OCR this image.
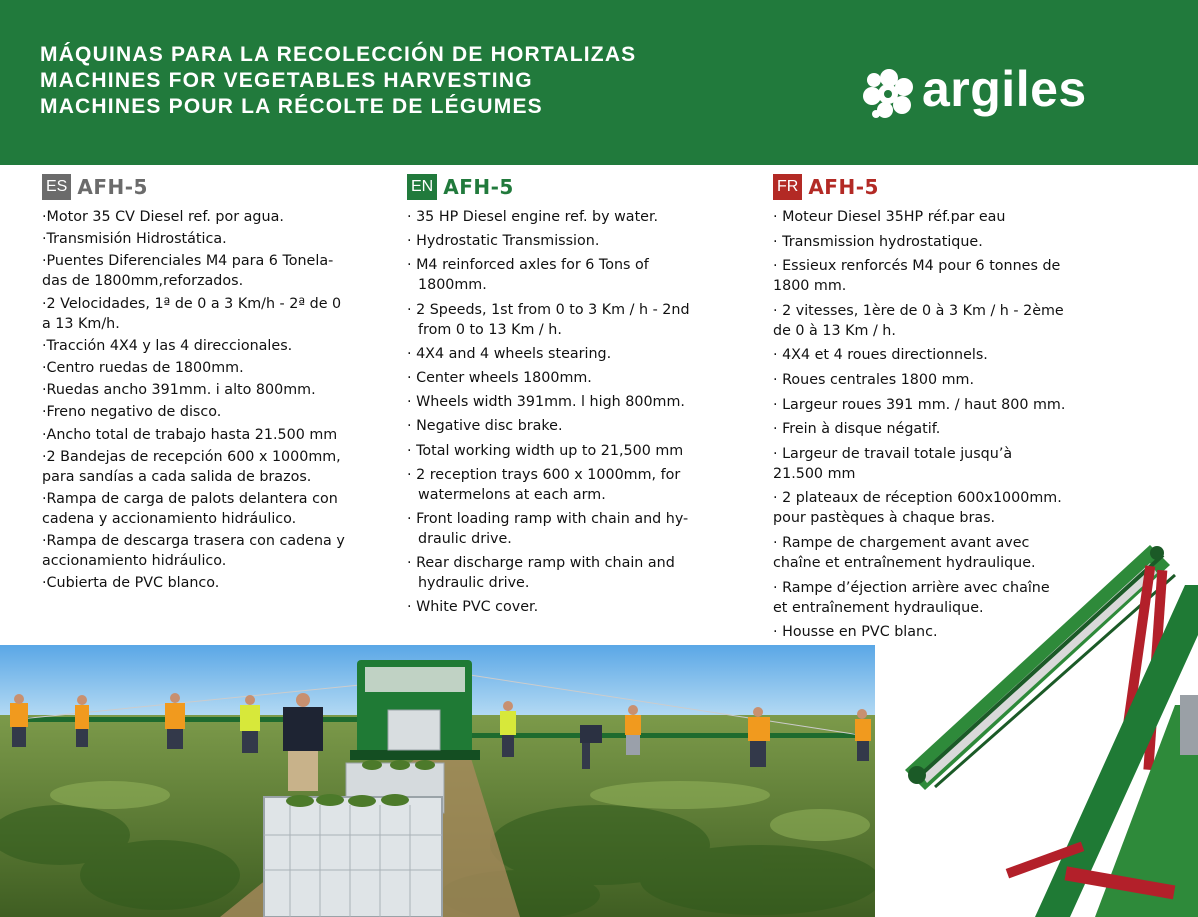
MÁQUINAS PARA LA RECOLECCIÓN DE HORTALIZAS
MACHINES FOR VEGETABLES HARVESTING
MACHINES POUR LA RÉCOLTE DE LÉGUMES	argiles
ES AFH-5
·Motor 35 CV Diesel ref. por agua.
·Transmisión Hidrostática.
·Puentes Diferenciales M4 para 6 Tonela-
das de 1800mm,reforzados.
·2 Velocidades, 1ª de 0 a 3 Km/h - 2ª de 0
a 13 Km/h.
·Tracción 4X4 y las 4 direccionales.
·Centro ruedas de 1800mm.
·Ruedas ancho 391mm. i alto 800mm.
·Freno negativo de disco.
·Ancho total de trabajo hasta 21.500 mm
·2 Bandejas de recepción 600 x 1000mm,
para sandías a cada salida de brazos.
·Rampa de carga de palots delantera con
cadena y accionamiento hidráulico.
·Rampa de descarga trasera con cadena y
accionamiento hidráulico.
·Cubierta de PVC blanco.
EN AFH-5
· 35 HP Diesel engine ref. by water.
· Hydrostatic Transmission.
· M4 reinforced axles for 6 Tons of
1800mm.
· 2 Speeds, 1st from 0 to 3 Km / h - 2nd
from 0 to 13 Km / h.
· 4X4 and 4 wheels stearing.
· Center wheels 1800mm.
· Wheels width 391mm. l high 800mm.
· Negative disc brake.
· Total working width up to 21,500 mm
· 2 reception trays 600 x 1000mm, for
watermelons at each arm.
· Front loading ramp with chain and hy-
draulic drive.
· Rear discharge ramp with chain and
hydraulic drive.
· White PVC cover.
FR AFH-5
· Moteur Diesel 35HP réf.par eau
· Transmission hydrostatique.
· Essieux renforcés M4 pour 6 tonnes de
1800 mm.
· 2 vitesses, 1ère de 0 à 3 Km / h - 2ème
de 0 à 13 Km / h.
· 4X4 et 4 roues directionnels.
· Roues centrales 1800 mm.
· Largeur roues 391 mm. / haut 800 mm.
· Frein à disque négatif.
· Largeur de travail totale jusqu’à
21.500 mm
· 2 plateaux de réception 600x1000mm.
pour pastèques à chaque bras.
· Rampe de chargement avant avec
chaîne et entraînement hydraulique.
· Rampe d’éjection arrière avec chaîne
et entraînement hydraulique.
· Housse en PVC blanc.
